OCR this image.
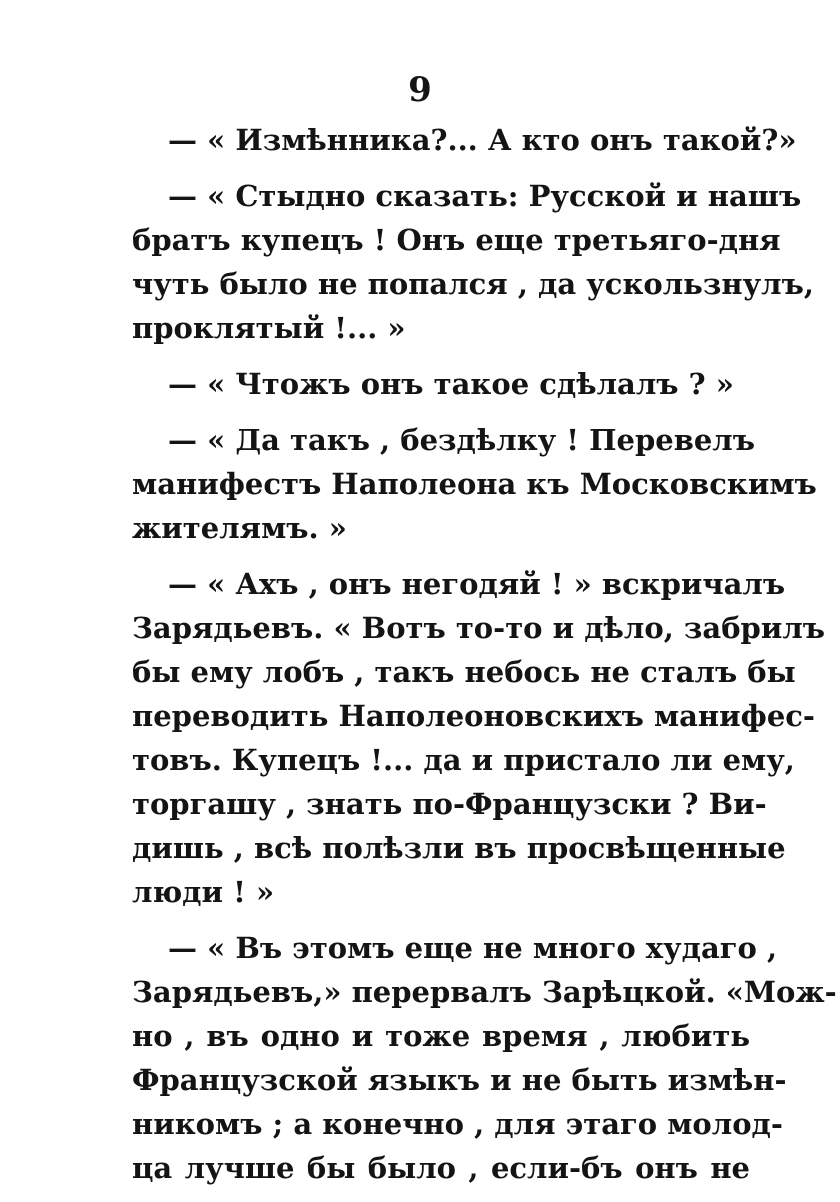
9
— « Измѣнника?... А кто онъ такой?»
— « Стыдно сказать: Русской и нашъ
братъ купецъ ! Онъ еще третьяго-дня
чуть было не попался , да ускользнулъ,
проклятый !... »
— « Чтожъ онъ такое сдѣлалъ ? »
— « Да такъ , бездѣлку ! Перевелъ
манифестъ Наполеона къ Московскимъ
жителямъ. »
— « Ахъ , онъ негодяй ! » вскричалъ
Зарядьевъ. « Вотъ то-то и дѣло, забрилъ
бы ему лобъ , такъ небось не сталъ бы
переводить Наполеоновскихъ манифес-
товъ. Купецъ !... да и пристало ли ему,
торгашу , знать по-Французски ? Ви-
дишь , всѣ полѣзли въ просвѣщенные
люди ! »
— « Въ этомъ еще не много худаго ,
Зарядьевъ,» перервалъ Зарѣцкой. «Мож-
но , въ одно и тоже время , любить
Французской языкъ и не быть измѣн-
никомъ ; а конечно , для этаго молод-
ца лучше бы было , если-бъ онъ не
